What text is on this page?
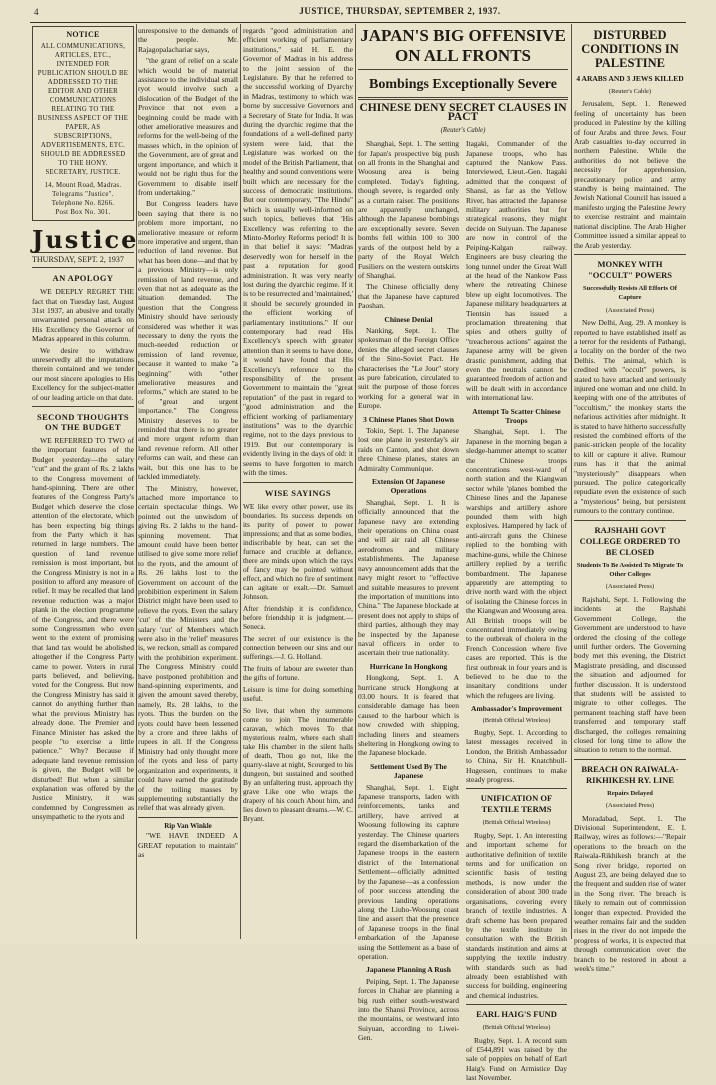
4	JUSTICE, THURSDAY, SEPTEMBER 2, 1937.
NOTICE
ALL COMMUNICATIONS, ARTICLES, ETC., INTENDED FOR PUBLICATION SHOULD BE ADDRESSED TO THE EDITOR AND OTHER COMMUNICATIONS RELATING TO THE BUSINESS ASPECT OF THE PAPER, AS SUBSCRIPTIONS, ADVERTISEMENTS, ETC. SHOULD BE ADDRESSED TO THE HONY. SECRETARY, JUSTICE.
14, Mount Road, Madras.
Telegrams "Justice".
Telephone No. 8266.
Post Box No. 301.
Justice
THURSDAY, SEPT. 2, 1937
AN APOLOGY

WE DEEPLY REGRET THE fact that on Tuesday last, August 31st 1937, an abusive and totally unwarranted personal attack on His Excellency the Governor of Madras appeared in this column.

We desire to withdraw unreservedly all the imputations therein contained and we tender our most sincere apologies to His Excellency for the subject-matter of our leading article on that date.

SECOND THOUGHTS ON THE BUDGET

WE REFERRED TO TWO of the important features of the Budget yesterday—the salary "cut" and the grant of Rs. 2 lakhs to the Congress movement of hand-spinning. There are other features of the Congress Party's Budget which deserve the close attention of the electorate, which has been expecting big things from the Party which it has returned in large numbers. The question of land revenue remission is most important, but the Congress Ministry is not in a position to afford any measure of relief. It may be recalled that land revenue reduction was a major plank in the election programme of the Congress, and there were some Congressmen who even went to the extent of promising that land tax would be abolished altogether if the Congress Party came to power. Voters in rural parts believed, and believing, voted for the Congress. But now the Congress Ministry has said it cannot do anything further than what the previous Ministry has already done. The Premier and Finance Minister has asked the people "to exercise a little patience." Why? Because if adequate land revenue remission is given, the Budget will be disturbed! But when a similar explanation was offered by the Justice Ministry, it was condemned by Congressmen as unsympathetic to the ryots and

unresponsive to the demands of the people. Mr. Rajagopalachariar says,

"the grant of relief on a scale which would be of material assistance to the individual small ryot would involve such a dislocation of the Budget of the Province that not even a beginning could be made with other ameliorative measures and reforms for the well-being of the masses which, in the opinion of the Government, are of great and urgent importance, and which it would not be right thus for the Government to disable itself from undertaking."

But Congress leaders have been saying that there is no problem more important, no ameliorative measure or reform more imperative and urgent, than reduction of land revenue. But what has been done—and that by a previous Ministry—is only remission of land revenue, and even that not as adequate as the situation demanded. The question that the Congress Ministry should have seriously considered was whether it was necessary to deny the ryots the much-needed reduction or remission of land revenue, because it wanted to make "a beginning" with "other ameliorative measures and reforms," which are stated to be of "great and urgent importance." The Congress Ministry deserves to be reminded that there is no greater and more urgent reform than land revenue reform. All other reforms can wait, and these can wait, but this one has to be tackled immediately.

The Ministry, however, attached more importance to certain spectacular things. We pointed out the unwisdom of giving Rs. 2 lakhs to the hand-spinning movement. That amount could have been better utilised to give some more relief to the ryots, and the amount of Rs. 26 lakhs lost to the Government on account of the prohibition experiment in Salem District might have been used to relieve the ryots. Even the salary 'cut' of the Ministers and the salary 'cut' of Members which were also in the 'relief' measures is, we reckon, small as compared with the prohibition experiment. The Congress Ministry could have postponed prohibition and hand-spinning experiments, and given the amount saved thereby, namely, Rs. 28 lakhs, to the ryots. Thus the burden on the ryots could have been lessened by a crore and three lakhs of rupees in all. If the Congress Ministry had only thought more of the ryots and less of party organization and experiments, it could have earned the gratitude of the toiling masses by supplementing substantially the relief that was already given.

Rip Van Winkle

"WE HAVE INDEED A GREAT reputation to maintain" as

regards "good administration and efficient working of parliamentary institutions," said H. E. the Governor of Madras in his address to the joint session of the Legislature. By that he referred to the successful working of Dyarchy in Madras, testimony to which was borne by successive Governors and a Secretary of State for India. It was during the dyarchic regime that the foundations of a well-defined party system were laid, that the Legislature was worked on the model of the British Parliament, that healthy and sound conventions were built which are necessary for the success of democratic institutions. But our contemporary, "The Hindu" which is usually well-informed on such topics, believes that 'His Excellency was referring to the Minto-Morley Reforms period! It is in that belief it says: "Madras deservedly won for herself in the past a reputation for good administration. It was very nearly lost during the dyarchic regime. If it is to be resurrected and 'maintained,' it should be securely grounded in the efficient working of parliamentary institutions." If our contemporary had read His Excellency's speech with greater attention than it seems to have done, it would have found that His Excellency's reference to the responsibility of the present Government to maintain the "great reputation" of the past in regard to "good administration and the efficient working of parliamentary institutions" was to the dyarchic regime, not to the days previous to 1919. But our contemporary is evidently living in the days of old: it seems to have forgotten to march with the times.

WISE SAYINGS

WE like every other power, use its boundaries. Its success depends on its purity of power to power impressions; and that as some bodies, indiscribable by heat, can set the furnace and crucible at defiance, there are minds upon which the rays of fancy may be pointed without effect, and which no fire of sentiment can agitate or exalt.—Dr. Samuel Johnson.

After friendship it is confidence, before friendship it is judgment.—Seneca.

The secret of our existence is the connection between our sins and our sufferings.—J. G. Holland.

The fruits of labour are sweeter than the gifts of fortune.

Leisure is time for doing something useful.

So live, that when thy summons come to join The innumerable caravan, which moves To that mysterious realm, where each shall take His chamber in the silent halls of death, Thou go not, like the quarry-slave at night, Scourged to his dungeon, but sustained and soothed By an unfaltering trust, approach thy grave Like one who wraps the drapery of his couch About him, and lies down to pleasant dreams.—W. C. Bryant.

JAPAN'S BIG OFFENSIVE ON ALL FRONTS
Bombings Exceptionally Severe
CHINESE DENY SECRET CLAUSES IN PACT
(Reuter's Cable)

Shanghai, Sept. 1. The setting for Japan's prospective big push on all fronts in the Shanghai and Woosung area is being completed. Today's fighting, though severe, is regarded only as a curtain raiser. The positions are apparently unchanged, although the Japanese bombings are exceptionally severe. Seven bombs fell within 100 to 300 yards of the outpost held by a party of the Royal Welch Fusiliers on the western outskirts of Shanghai.

The Chinese officially deny that the Japanese have captured Paoshan.

Chinese Denial

Nanking, Sept. 1. The spokesman of the Foreign Office denies the alleged secret clauses of the Sino-Soviet Pact. He characterises the "Le Jour" story as pure fabrication, circulated to suit the purpose of those forces working for a general war in Europe.

3 Chinese Planes Shot Down

Tokio, Sept. 1. The Japanese lost one plane in yesterday's air raids on Canton, and shot down three Chinese planes, states an Admiralty Communique.

Extension Of Japanese Operations

Shanghai, Sept. 1. It is officially announced that the Japanese navy are extending their operations on China coast and will air raid all Chinese aerodromes and military establishments. The Japanese navy announcement adds that the navy might resort to "effective and suitable measures to prevent the importation of munitions into China." The Japanese blockade at present does not apply to ships of third parties, although they may be inspected by the Japanese naval officers in order to ascertain their true nationality.

Hurricane In Hongkong

Hongkong, Sept. 1. A hurricane struck Hongkong at 03.00 hours. It is feared that considerable damage has been caused to the harbour which is now crowded with shipping, including liners and steamers sheltering in Hongkong owing to the Japanese blockade.

Settlement Used By The Japanese

Shanghai, Sept. 1. Eight Japanese transports, laden with reinforcements, tanks and artillery, have arrived at Woosung following its capture yesterday. The Chinese quarters regard the disembarkation of the Japanese troops in the eastern district of the International Settlement—officially admitted by the Japanese—as a confession of poor success attending the previous landing operations along the Liuho-Woosung coast line and assert that the presence of Japanese troops in the final embarkation of the Japanese using the Settlement as a base of operation.

Japanese Planning A Rush

Peiping, Sept. 1. The Japanese forces in Chahar are planning a big rush either south-westward into the Shansi Province, across the mountains, or westward into Suiyuan, according to Liwei-Gen.

Itagaki, Commander of the Japanese troops, who has captured the Nankow Pass. Interviewed, Lieut.-Gen. Itagaki admitted that the conquest of Shansi, as far as the Yellow River, has attracted the Japanese military authorities but for strategical reasons, they might decide on Suiyuan. The Japanese are now in control of the Peiping-Kalgan railway. Engineers are busy clearing the long tunnel under the Great Wall at the head of the Nankow Pass where the retreating Chinese blew up eight locomotives. The Japanese military headquarters at Tientsin has issued a proclamation threatening that spies and others guilty of "treacherous actions" against the Japanese army will be given drastic punishment, adding that even the neutrals cannot be guaranteed freedom of action and will be dealt with in accordance with international law.

Attempt To Scatter Chinese Troops

Shanghai, Sept. 1. The Japanese in the morning began a sledge-hammer attempt to scatter the Chinese troops concentrations west-ward of north station and the Kiangwan sector while 'planes bombed the Chinese lines and the Japanese warships and artillery ashore pounded them with high explosives. Hampered by lack of anti-aircraft guns the Chinese replied to the bombing with machine-guns, while the Chinese artillery replied by a terrific bombardment. The Japanese apparently are attempting to drive north ward with the object of isolating the Chinese forces in the Kiangwan and Woosung area. All British troops will be concentrated immediately owing to the outbreak of cholera in the French Concession where five cases are reported. This is the first outbreak in four years and is believed to be due to the insanitary conditions under which the refugees are living.

Ambassador's Improvement
(British Official Wireless)

Rugby, Sept. 1. According to latest messages received in London, the British Ambassador to China, Sir H. Knatchbull-Hugessen, continues to make steady progress.

UNIFICATION OF TEXTILE TERMS
(British Official Wireless)

Rugby, Sept. 1. An interesting and important scheme for authoritative definition of textile terms and for unification on scientific basis of testing methods, is now under the consideration of about 300 trade organisations, covering every branch of textile industries. A draft scheme has been prepared by the textile institute in consultation with the British standards institution and aims at supplying the textile industry with standards such as had already been established with success for building, engineering and chemical industries.

EARL HAIG'S FUND
(British Official Wireless)

Rugby, Sept. 1. A record sum of £544,891 was raised by the sale of poppies on behalf of Earl Haig's Fund on Armistice Day last November.

DISTURBED CONDITIONS IN PALESTINE
4 ARABS AND 3 JEWS KILLED
(Reuter's Cable)

Jerusalem, Sept. 1. Renewed feeling of uncertainty has been produced in Palestine by the killing of four Arabs and three Jews. Four Arab casualties to-day occurred in northern Palestine. While the authorities do not believe the necessity for apprehension, precautionary police and army standby is being maintained. The Jewish National Council has issued a manifesto urging the Palestine Jewry to exercise restraint and maintain national discipline. The Arab Higher Committee issued a similar appeal to the Arab yesterday.

MONKEY WITH "OCCULT" POWERS
Successfully Resists All Efforts Of Capture
(Associated Press)

New Delhi, Aug. 29. A monkey is reported to have established itself as a terror for the residents of Pathangi, a locality on the border of the two Delhis. The animal, which is credited with "occult" powers, is stated to have attacked and seriously injured one woman and one child. In keeping with one of the attributes of "occultism," the monkey starts the nefarious activities after midnight. It is stated to have hitherto successfully resisted the combined efforts of the panic-stricken people of the locality to kill or capture it alive. Rumour runs has it that the animal "mysteriously" disappears when pursued. The police categorically repudiate even the existence of such a "mysterious" being, but persistent rumours to the contrary continue.

RAJSHAHI GOVT COLLEGE ORDERED TO BE CLOSED
Students To Be Assisted To Migrate To Other Colleges
(Associated Press)

Rajshahi, Sept. 1. Following the incidents at the Rajshahi Government College, the Government are understood to have ordered the closing of the college until further orders. The Governing body met this evening, the District Magistrate presiding, and discussed the situation and adjourned for further discussion. It is understood that students will be assisted to migrate to other colleges. The permanent teaching staff have been transferred and temporary staff discharged, the colleges remaining closed for long time to allow the situation to return to the normal.

BREACH ON RAIWALA-RIKHIKESH RY. LINE
Repairs Delayed
(Associated Press)

Moradabad, Sept. 1. The Divisional Superintendent, E. I. Railway, wires as follows:—"Repair operations to the breach on the Raiwala-Rikhikesh branch at the Song river bridge, reported on August 23, are being delayed due to the frequent and sudden rise of water in the Song river. The breach is likely to remain out of commission longer than expected. Provided the weather remains fair and the sudden rises in the river do not impede the progress of works, it is expected that through communication over the branch to be restored in about a week's time."
